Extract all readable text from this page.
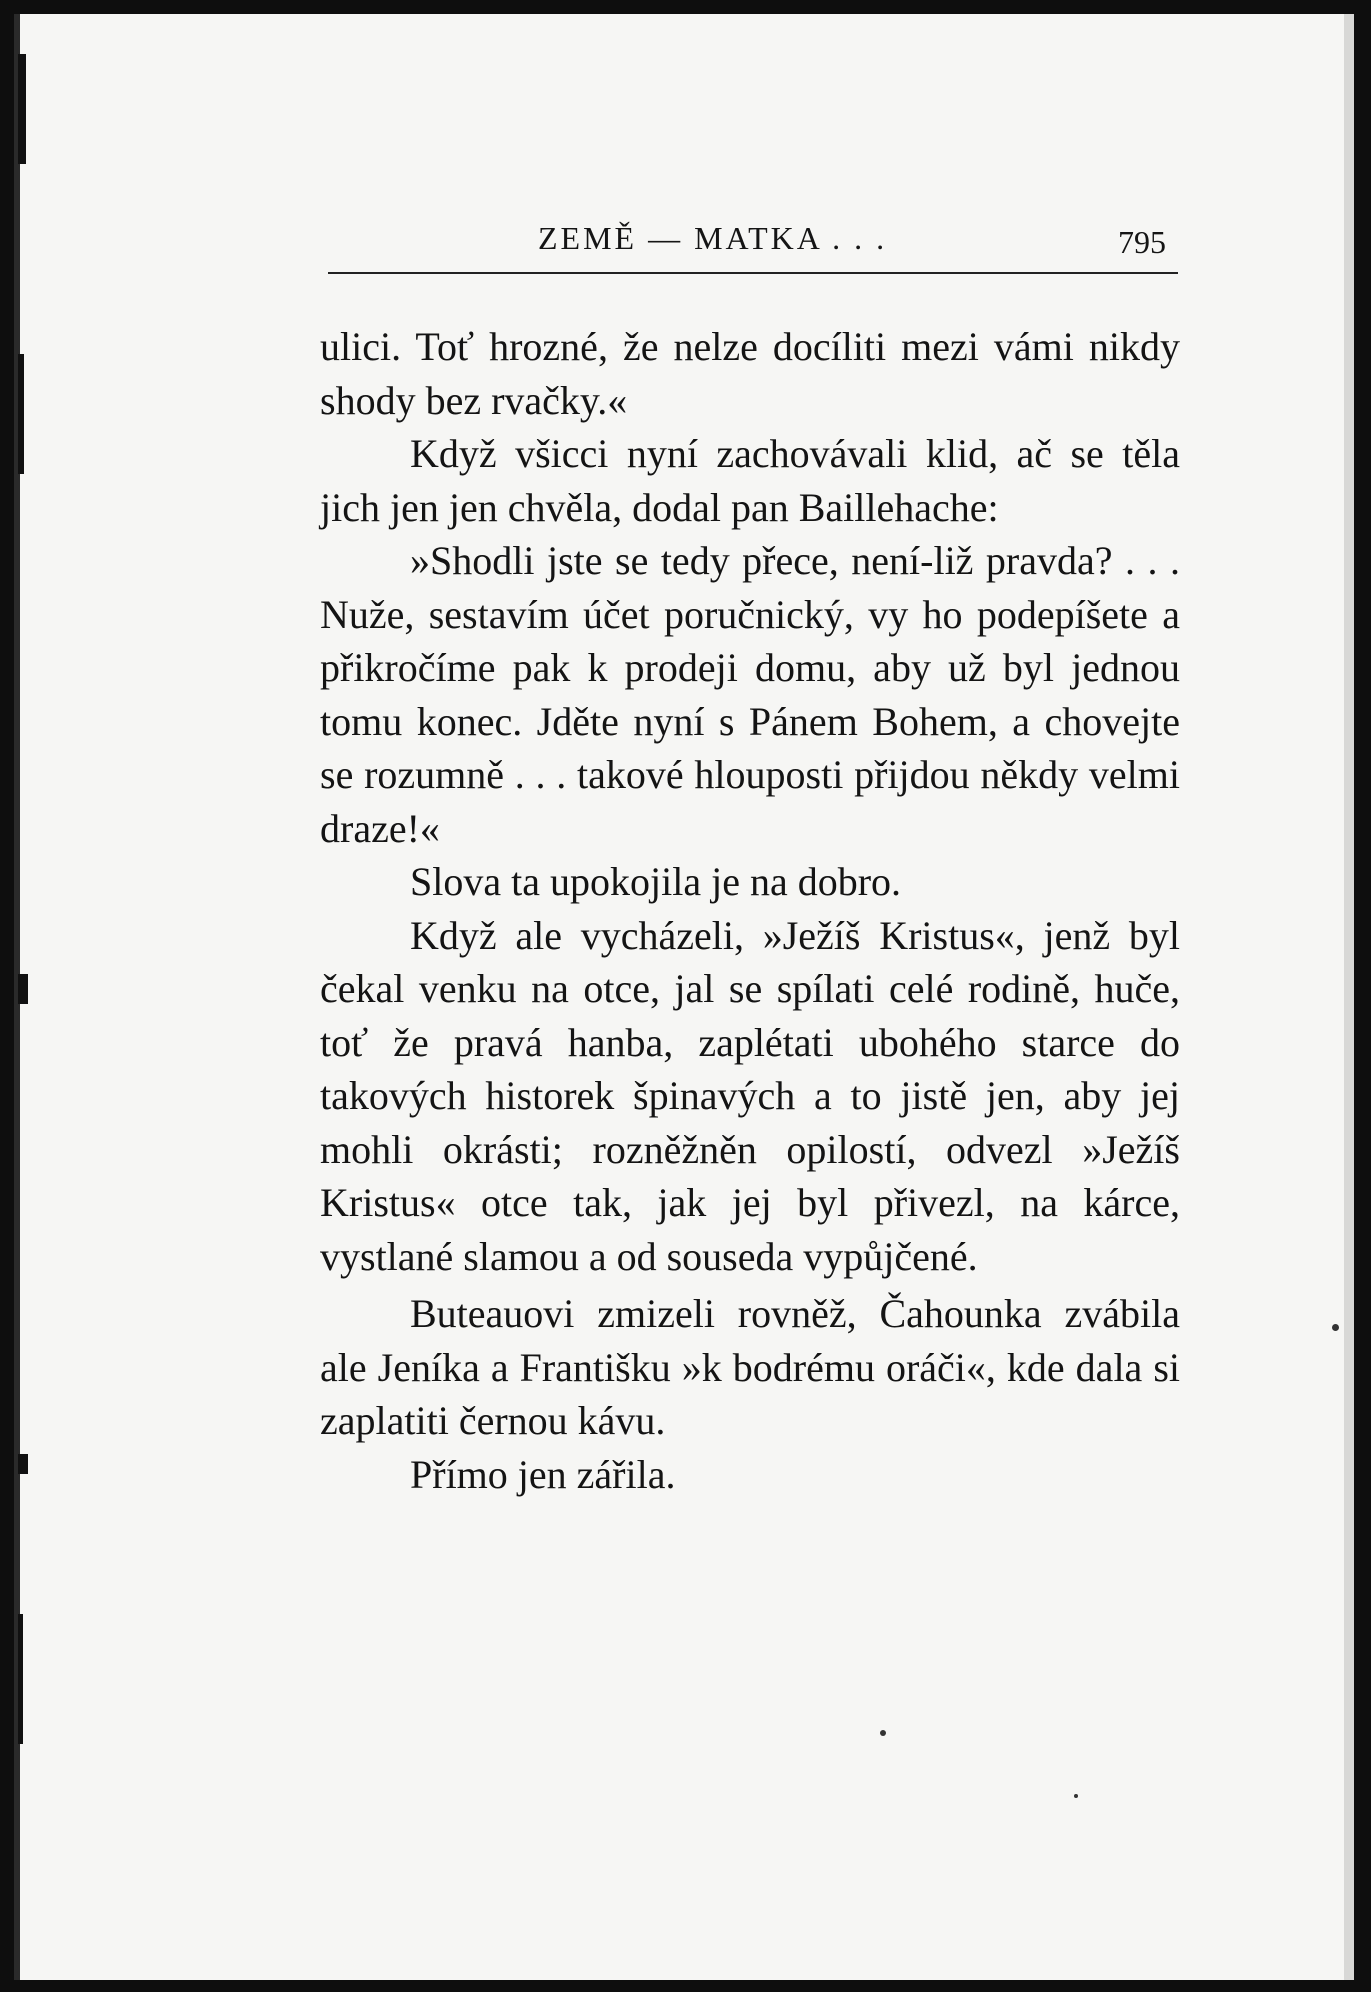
ZEMĚ — MATKA . . .	795

ulici. Toť hrozné, že nelze docíliti mezi vámi nikdy shody bez rvačky.«

Když všicci nyní zachovávali klid, ač se těla jich jen jen chvěla, dodal pan Baillehache:

»Shodli jste se tedy přece, není-liž pravda? . . . Nuže, sestavím účet poručnický, vy ho podepíšete a přikročíme pak k prodeji domu, aby už byl jednou tomu konec. Jděte nyní s Pánem Bohem, a chovejte se rozumně . . . takové hlouposti přijdou někdy velmi draze!«

Slova ta upokojila je na dobro.

Když ale vycházeli, »Ježíš Kristus«, jenž byl čekal venku na otce, jal se spílati celé rodině, huče, toť že pravá hanba, zaplétati ubohého starce do takových historek špinavých a to jistě jen, aby jej mohli okrásti; rozněžněn opilostí, odvezl »Ježíš Kristus« otce tak, jak jej byl přivezl, na kárce, vystlané slamou a od souseda vypůjčené.

Buteauovi zmizeli rovněž, Čahounka zvábila ale Jeníka a Františku »k bodrému oráči«, kde dala si zaplatiti černou kávu.

Přímo jen zářila.
